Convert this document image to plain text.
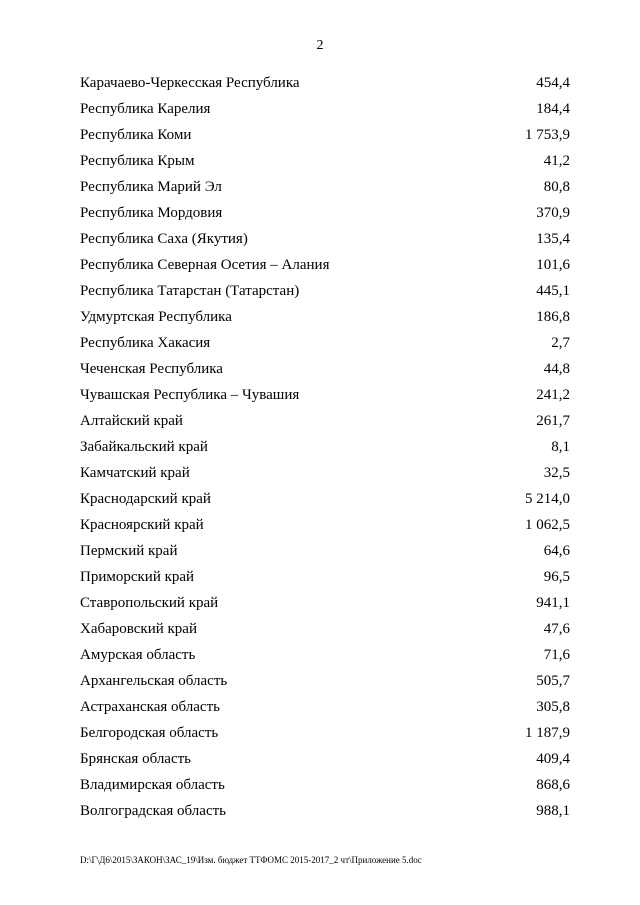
2
Карачаево-Черкесская Республика	454,4
Республика Карелия	184,4
Республика Коми	1 753,9
Республика Крым	41,2
Республика Марий Эл	80,8
Республика Мордовия	370,9
Республика Саха (Якутия)	135,4
Республика Северная Осетия – Алания	101,6
Республика Татарстан (Татарстан)	445,1
Удмуртская Республика	186,8
Республика Хакасия	2,7
Чеченская Республика	44,8
Чувашская Республика – Чувашия	241,2
Алтайский край	261,7
Забайкальский край	8,1
Камчатский край	32,5
Краснодарский край	5 214,0
Красноярский край	1 062,5
Пермский край	64,6
Приморский край	96,5
Ставропольский край	941,1
Хабаровский край	47,6
Амурская область	71,6
Архангельская область	505,7
Астраханская область	305,8
Белгородская область	1 187,9
Брянская область	409,4
Владимирская область	868,6
Волгоградская область	988,1
D:\Г\Д6\2015\ЗАКОН\ЗАС_19\Изм. бюджет ТТФОМС 2015-2017_2 чт\Приложение 5.doc
